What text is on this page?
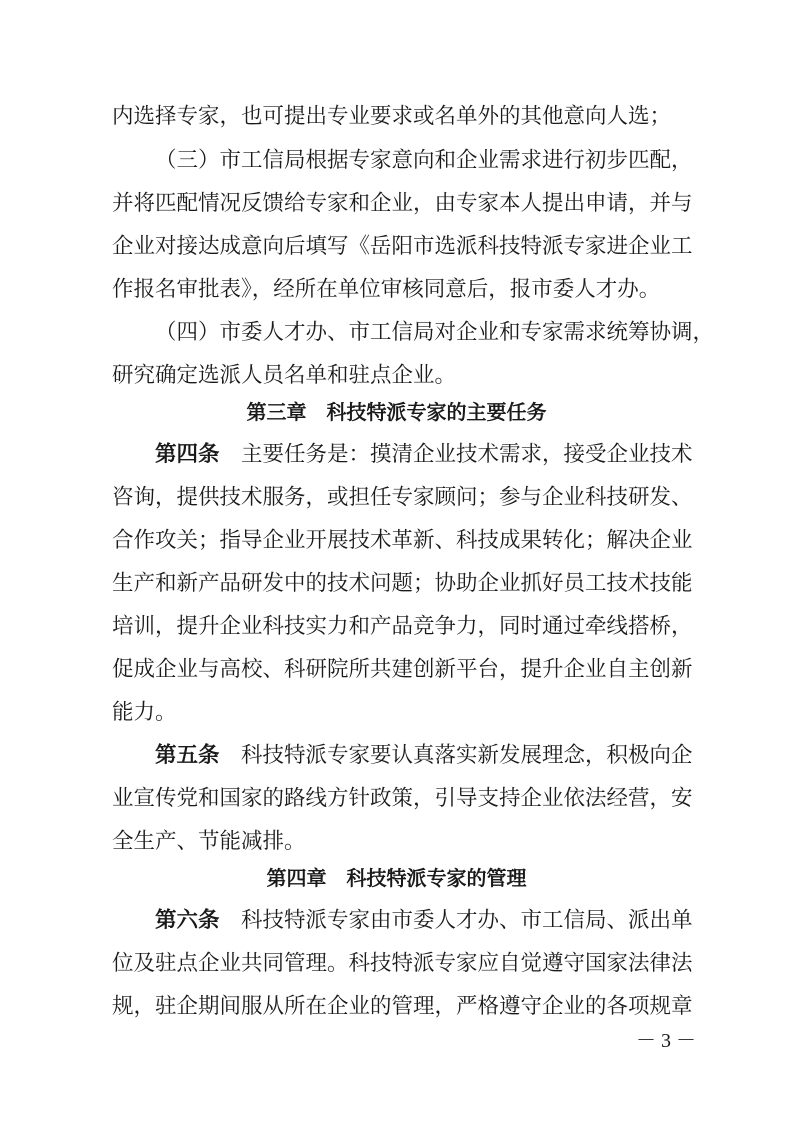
内选择专家，也可提出专业要求或名单外的其他意向人选；
（三）市工信局根据专家意向和企业需求进行初步匹配，
并将匹配情况反馈给专家和企业，由专家本人提出申请，并与
企业对接达成意向后填写《岳阳市选派科技特派专家进企业工
作报名审批表》，经所在单位审核同意后，报市委人才办。
（四）市委人才办、市工信局对企业和专家需求统筹协调，
研究确定选派人员名单和驻点企业。
第三章　科技特派专家的主要任务
第四条　主要任务是：摸清企业技术需求，接受企业技术
咨询，提供技术服务，或担任专家顾问；参与企业科技研发、
合作攻关；指导企业开展技术革新、科技成果转化；解决企业
生产和新产品研发中的技术问题；协助企业抓好员工技术技能
培训，提升企业科技实力和产品竞争力，同时通过牵线搭桥，
促成企业与高校、科研院所共建创新平台，提升企业自主创新
能力。
第五条　科技特派专家要认真落实新发展理念，积极向企
业宣传党和国家的路线方针政策，引导支持企业依法经营，安
全生产、节能减排。
第四章　科技特派专家的管理
第六条　科技特派专家由市委人才办、市工信局、派出单
位及驻点企业共同管理。科技特派专家应自觉遵守国家法律法
规，驻企期间服从所在企业的管理，严格遵守企业的各项规章
－ 3 －
